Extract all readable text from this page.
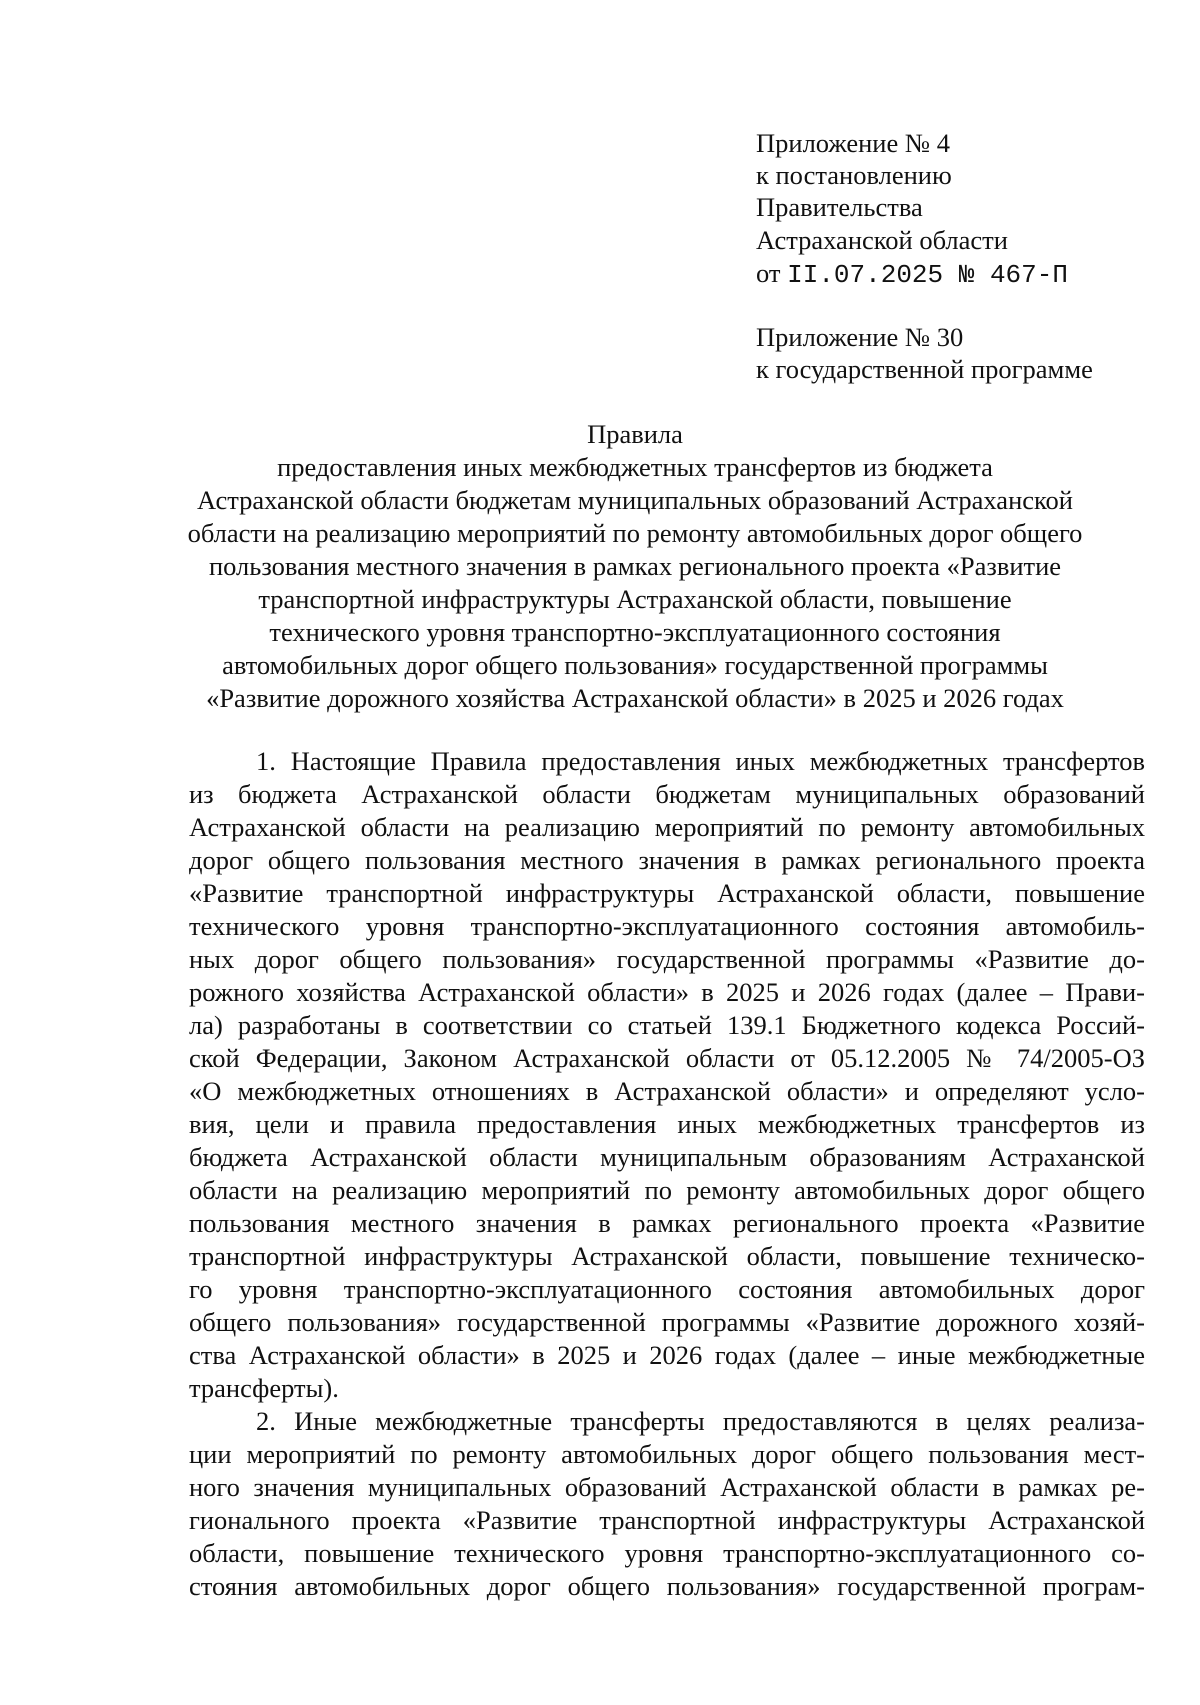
Приложение № 4
к постановлению
Правительства
Астраханской области
от II.07.2025 № 467-П
Приложение № 30
к государственной программе
Правила
предоставления иных межбюджетных трансфертов из бюджета
Астраханской области бюджетам муниципальных образований Астраханской
области на реализацию мероприятий по ремонту автомобильных дорог общего
пользования местного значения в рамках регионального проекта «Развитие
транспортной инфраструктуры Астраханской области, повышение
технического уровня транспортно-эксплуатационного состояния
автомобильных дорог общего пользования» государственной программы
«Развитие дорожного хозяйства Астраханской области» в 2025 и 2026 годах
1. Настоящие Правила предоставления иных межбюджетных трансфертов
из бюджета Астраханской области бюджетам муниципальных образований
Астраханской области на реализацию мероприятий по ремонту автомобильных
дорог общего пользования местного значения в рамках регионального проекта
«Развитие транспортной инфраструктуры Астраханской области, повышение
технического уровня транспортно-эксплуатационного состояния автомобиль-
ных дорог общего пользования» государственной программы «Развитие до-
рожного хозяйства Астраханской области» в 2025 и 2026 годах (далее – Прави-
ла) разработаны в соответствии со статьей 139.1 Бюджетного кодекса Россий-
ской Федерации, Законом Астраханской области от 05.12.2005 № 74/2005-ОЗ
«О межбюджетных отношениях в Астраханской области» и определяют усло-
вия, цели и правила предоставления иных межбюджетных трансфертов из
бюджета Астраханской области муниципальным образованиям Астраханской
области на реализацию мероприятий по ремонту автомобильных дорог общего
пользования местного значения в рамках регионального проекта «Развитие
транспортной инфраструктуры Астраханской области, повышение техническо-
го уровня транспортно-эксплуатационного состояния автомобильных дорог
общего пользования» государственной программы «Развитие дорожного хозяй-
ства Астраханской области» в 2025 и 2026 годах (далее – иные межбюджетные
трансферты).
2. Иные межбюджетные трансферты предоставляются в целях реализа-
ции мероприятий по ремонту автомобильных дорог общего пользования мест-
ного значения муниципальных образований Астраханской области в рамках ре-
гионального проекта «Развитие транспортной инфраструктуры Астраханской
области, повышение технического уровня транспортно-эксплуатационного со-
стояния автомобильных дорог общего пользования» государственной програм-
